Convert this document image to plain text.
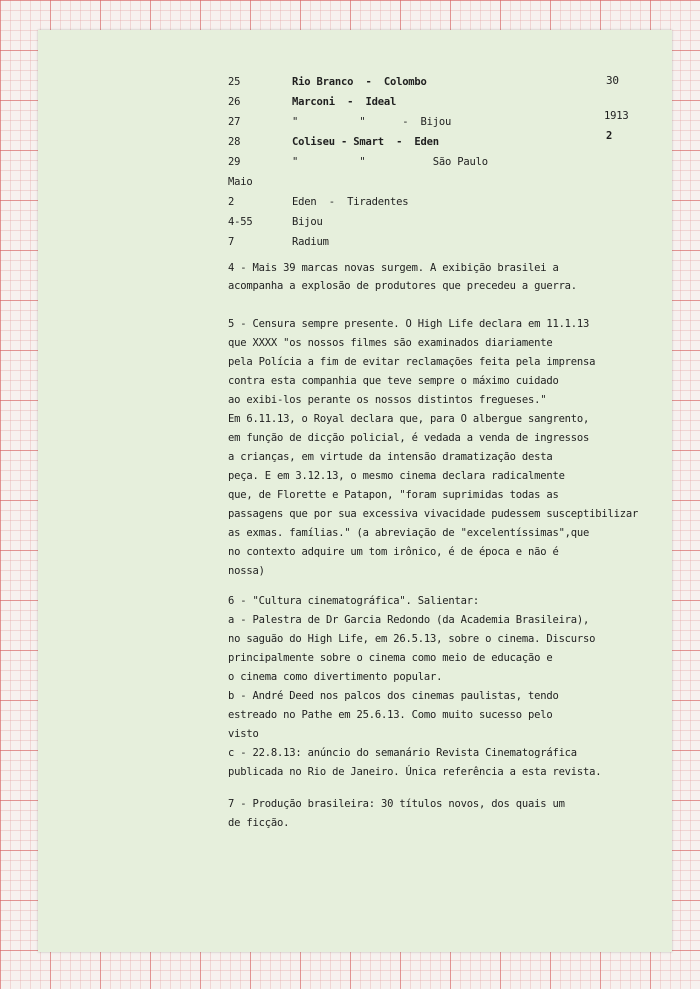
25
26
27
28
29
Maio
2
4-55
7
Rio Branco  -  Colombo
Marconi  -  Ideal
"          "      -  Bijou
Coliseu - Smart  -  Eden
"          "           São Paulo
Eden  -  Tiradentes
Bijou
Radium
30
1913
2
4 - Mais 39 marcas novas surgem. A exibição brasilei a
acompanha a explosão de produtores que precedeu a guerra.
5 - Censura sempre presente. O High Life declara em 11.1.13
que XXXX "os nossos filmes são examinados diariamente
pela Polícia a fim de evitar reclamações feita pela imprensa
contra esta companhia que teve sempre o máximo cuidado
ao exibi-los perante os nossos distintos fregueses."
Em 6.11.13, o Royal declara que, para O albergue sangrento,
em função de dicção policial, é vedada a venda de ingressos
a crianças, em virtude da intensão dramatização desta
peça. E em 3.12.13, o mesmo cinema declara radicalmente
que, de Florette e Patapon, "foram suprimidas todas as
passagens que por sua excessiva vivacidade pudessem susceptibilizar
as exmas. famílias." (a abreviação de "excelentíssimas",que
no contexto adquire um tom irônico, é de época e não é
nossa)
6 - "Cultura cinematográfica". Salientar:
a - Palestra de Dr Garcia Redondo (da Academia Brasileira),
no saguão do High Life, em 26.5.13, sobre o cinema. Discurso
principalmente sobre o cinema como meio de educação e
o cinema como divertimento popular.
b - André Deed nos palcos dos cinemas paulistas, tendo
estreado no Pathe em 25.6.13. Como muito sucesso pelo
visto
c - 22.8.13: anúncio do semanário Revista Cinematográfica
publicada no Rio de Janeiro. Única referência a esta revista.
7 - Produção brasileira: 30 títulos novos, dos quais um
de ficção.
